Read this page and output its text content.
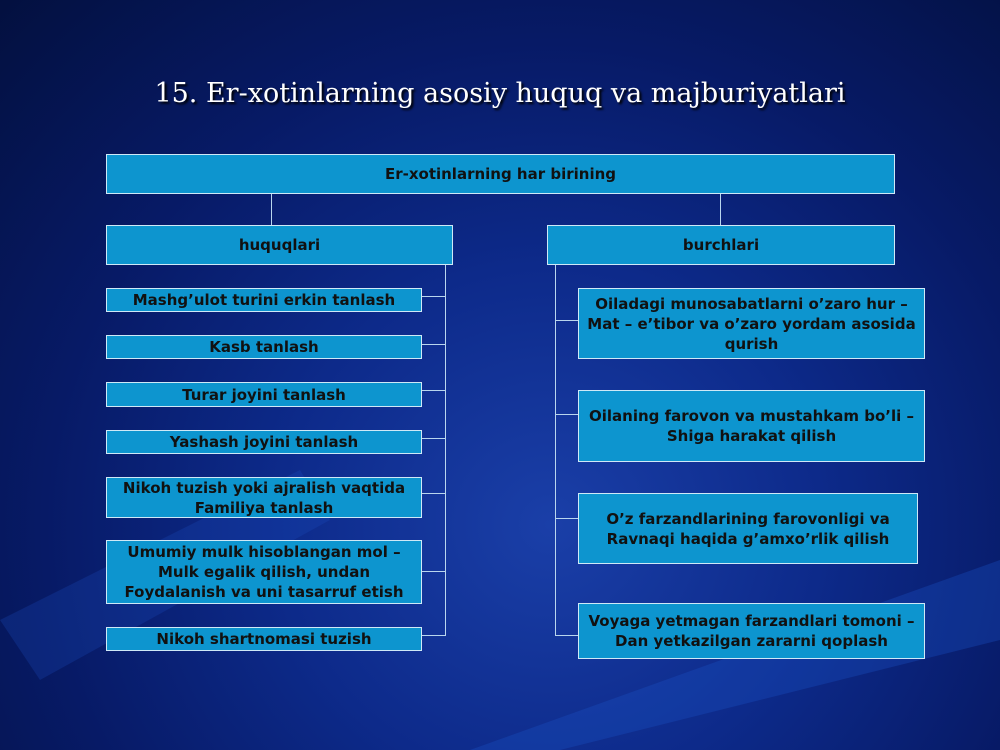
15. Er-xotinlarning asosiy huquq va majburiyatlari
Er-xotinlarning har birining
huquqlari	burchlari
Mashg’ulot turini erkin tanlash
Kasb tanlash
Turar joyini tanlash
Yashash joyini tanlash
Nikoh tuzish yoki ajralish vaqtida
Familiya tanlash
Umumiy mulk hisoblangan mol –
Mulk egalik qilish, undan
Foydalanish va uni tasarruf etish
Nikoh shartnomasi tuzish
Oiladagi munosabatlarni o’zaro hur –
Mat – e’tibor va o’zaro yordam asosida
qurish
Oilaning farovon va mustahkam bo’li –
Shiga harakat qilish
O’z farzandlarining farovonligi va
Ravnaqi haqida g’amxo’rlik qilish
Voyaga yetmagan farzandlari tomoni –
Dan yetkazilgan zararni qoplash
